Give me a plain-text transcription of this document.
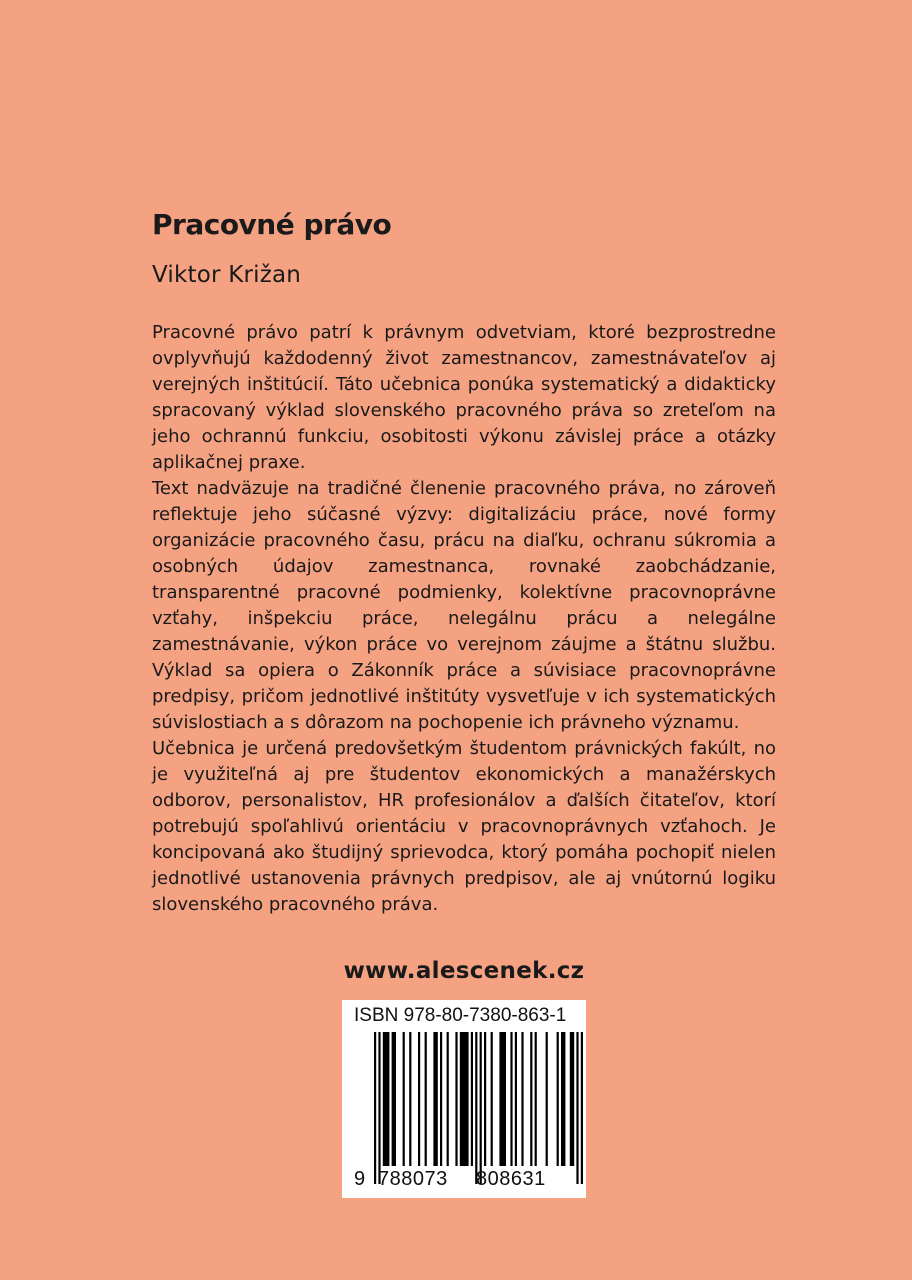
Pracovné právo
Viktor Križan

Pracovné právo patrí k právnym odvetviam, ktoré bezprostredne ovplyvňujú každodenný život zamestnancov, zamestnávateľov aj verejných inštitúcií. Táto učebnica ponúka systematický a didakticky spracovaný výklad slovenského pracovného práva so zreteľom na jeho ochrannú funkciu, osobitosti výkonu závislej práce a otázky aplikačnej praxe.

Text nadväzuje na tradičné členenie pracovného práva, no zároveň reflektuje jeho súčasné výzvy: digitalizáciu práce, nové formy organizácie pracovného času, prácu na diaľku, ochranu súkromia a osobných údajov zamestnanca, rovnaké zaobchádzanie, transparentné pracovné podmienky, kolektívne pracovnoprávne vzťahy, inšpekciu práce, nelegálnu prácu a nelegálne zamestnávanie, výkon práce vo verejnom záujme a štátnu službu. Výklad sa opiera o Zákonník práce a súvisiace pracovnoprávne predpisy, pričom jednotlivé inštitúty vysvetľuje v ich systematických súvislostiach a s dôrazom na pochopenie ich právneho významu.

Učebnica je určená predovšetkým študentom právnických fakúlt, no je využiteľná aj pre študentov ekonomických a manažérskych odborov, personalistov, HR profesionálov a ďalších čitateľov, ktorí potrebujú spoľahlivú orientáciu v pracovnoprávnych vzťahoch. Je koncipovaná ako študijný sprievodca, ktorý pomáha pochopiť nielen jednotlivé ustanovenia právnych predpisov, ale aj vnútornú logiku slovenského pracovného práva.

www.alescenek.cz
ISBN 978-80-7380-863-1
9 788073 808631
